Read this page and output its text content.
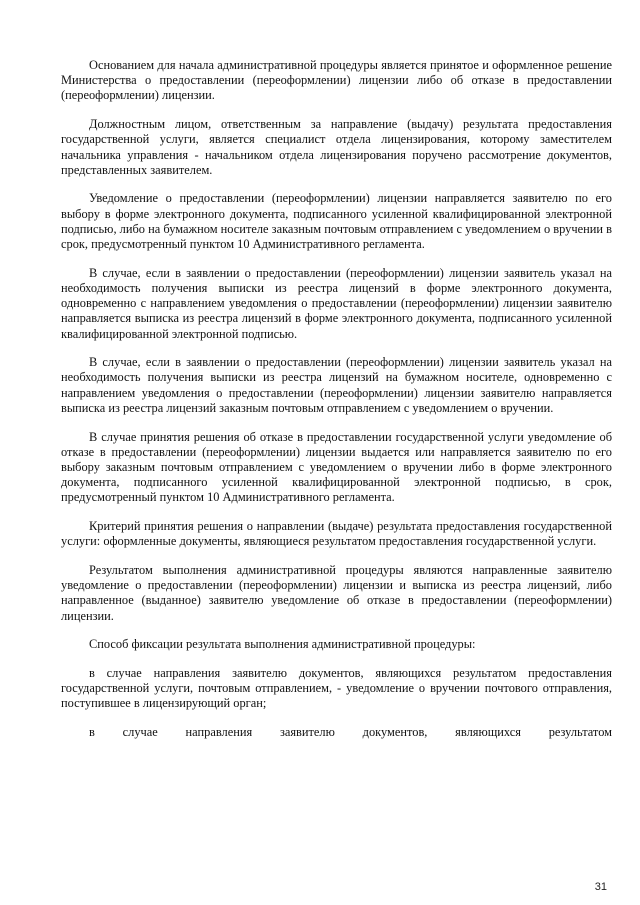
Основанием для начала административной процедуры является принятое и оформленное решение Министерства о предоставлении (переоформлении) лицензии либо об отказе в предоставлении (переоформлении) лицензии.

Должностным лицом, ответственным за направление (выдачу) результата предоставления государственной услуги, является специалист отдела лицензирования, которому заместителем начальника управления - начальником отдела лицензирования поручено рассмотрение документов, представленных заявителем.

Уведомление о предоставлении (переоформлении) лицензии направляется заявителю по его выбору в форме электронного документа, подписанного усиленной квалифицированной электронной подписью, либо на бумажном носителе заказным почтовым отправлением с уведомлением о вручении в срок, предусмотренный пунктом 10 Административного регламента.

В случае, если в заявлении о предоставлении (переоформлении) лицензии заявитель указал на необходимость получения выписки из реестра лицензий в форме электронного документа, одновременно с направлением уведомления о предоставлении (переоформлении) лицензии заявителю направляется выписка из реестра лицензий в форме электронного документа, подписанного усиленной квалифицированной электронной подписью.

В случае, если в заявлении о предоставлении (переоформлении) лицензии заявитель указал на необходимость получения выписки из реестра лицензий на бумажном носителе, одновременно с направлением уведомления о предоставлении (переоформлении) лицензии заявителю направляется выписка из реестра лицензий заказным почтовым отправлением с уведомлением о вручении.

В случае принятия решения об отказе в предоставлении государственной услуги уведомление об отказе в предоставлении (переоформлении) лицензии выдается или направляется заявителю по его выбору заказным почтовым отправлением с уведомлением о вручении либо в форме электронного документа, подписанного усиленной квалифицированной электронной подписью, в срок, предусмотренный пунктом 10 Административного регламента.

Критерий принятия решения о направлении (выдаче) результата предоставления государственной услуги: оформленные документы, являющиеся результатом предоставления государственной услуги.

Результатом выполнения административной процедуры являются направленные заявителю уведомление о предоставлении (переоформлении) лицензии и выписка из реестра лицензий, либо направленное (выданное) заявителю уведомление об отказе в предоставлении (переоформлении) лицензии.

Способ фиксации результата выполнения административной процедуры:

в случае направления заявителю документов, являющихся результатом предоставления государственной услуги, почтовым отправлением, - уведомление о вручении почтового отправления, поступившее в лицензирующий орган;

в случае направления заявителю документов, являющихся результатом

31
